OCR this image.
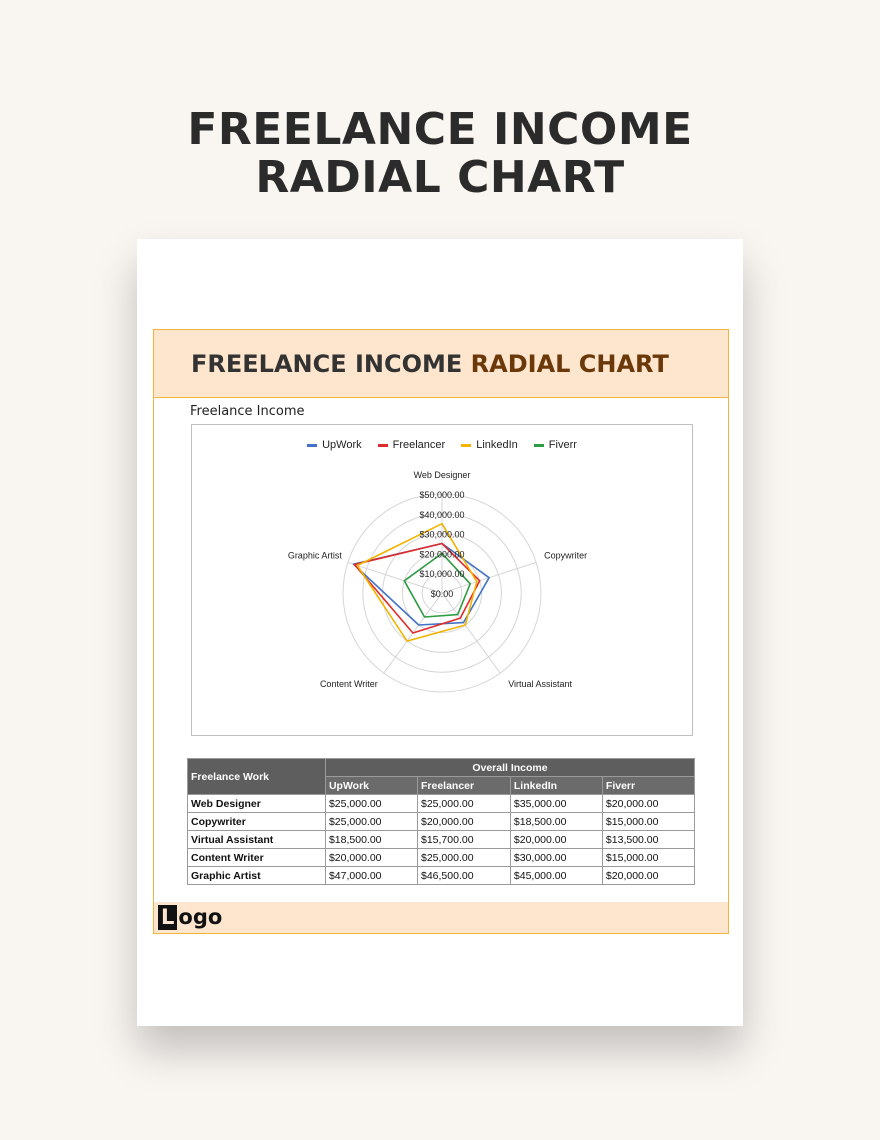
FREELANCE INCOME
RADIAL CHART
FREELANCE INCOME RADIAL CHART
Freelance Income
UpWork	Freelancer	LinkedIn	Fiverr
$0.00
$10,000.00
$20,000.00
$30,000.00
$40,000.00
$50,000.00
Web Designer
Copywriter
Virtual Assistant
Content Writer
Graphic Artist
Freelance Work	Overall Income			
	UpWork	Freelancer	LinkedIn	Fiverr
Web Designer	$25,000.00	$25,000.00	$35,000.00	$20,000.00
Copywriter	$25,000.00	$20,000.00	$18,500.00	$15,000.00
Virtual Assistant	$18,500.00	$15,700.00	$20,000.00	$13,500.00
Content Writer	$20,000.00	$25,000.00	$30,000.00	$15,000.00
Graphic Artist	$47,000.00	$46,500.00	$45,000.00	$20,000.00
L ogo
